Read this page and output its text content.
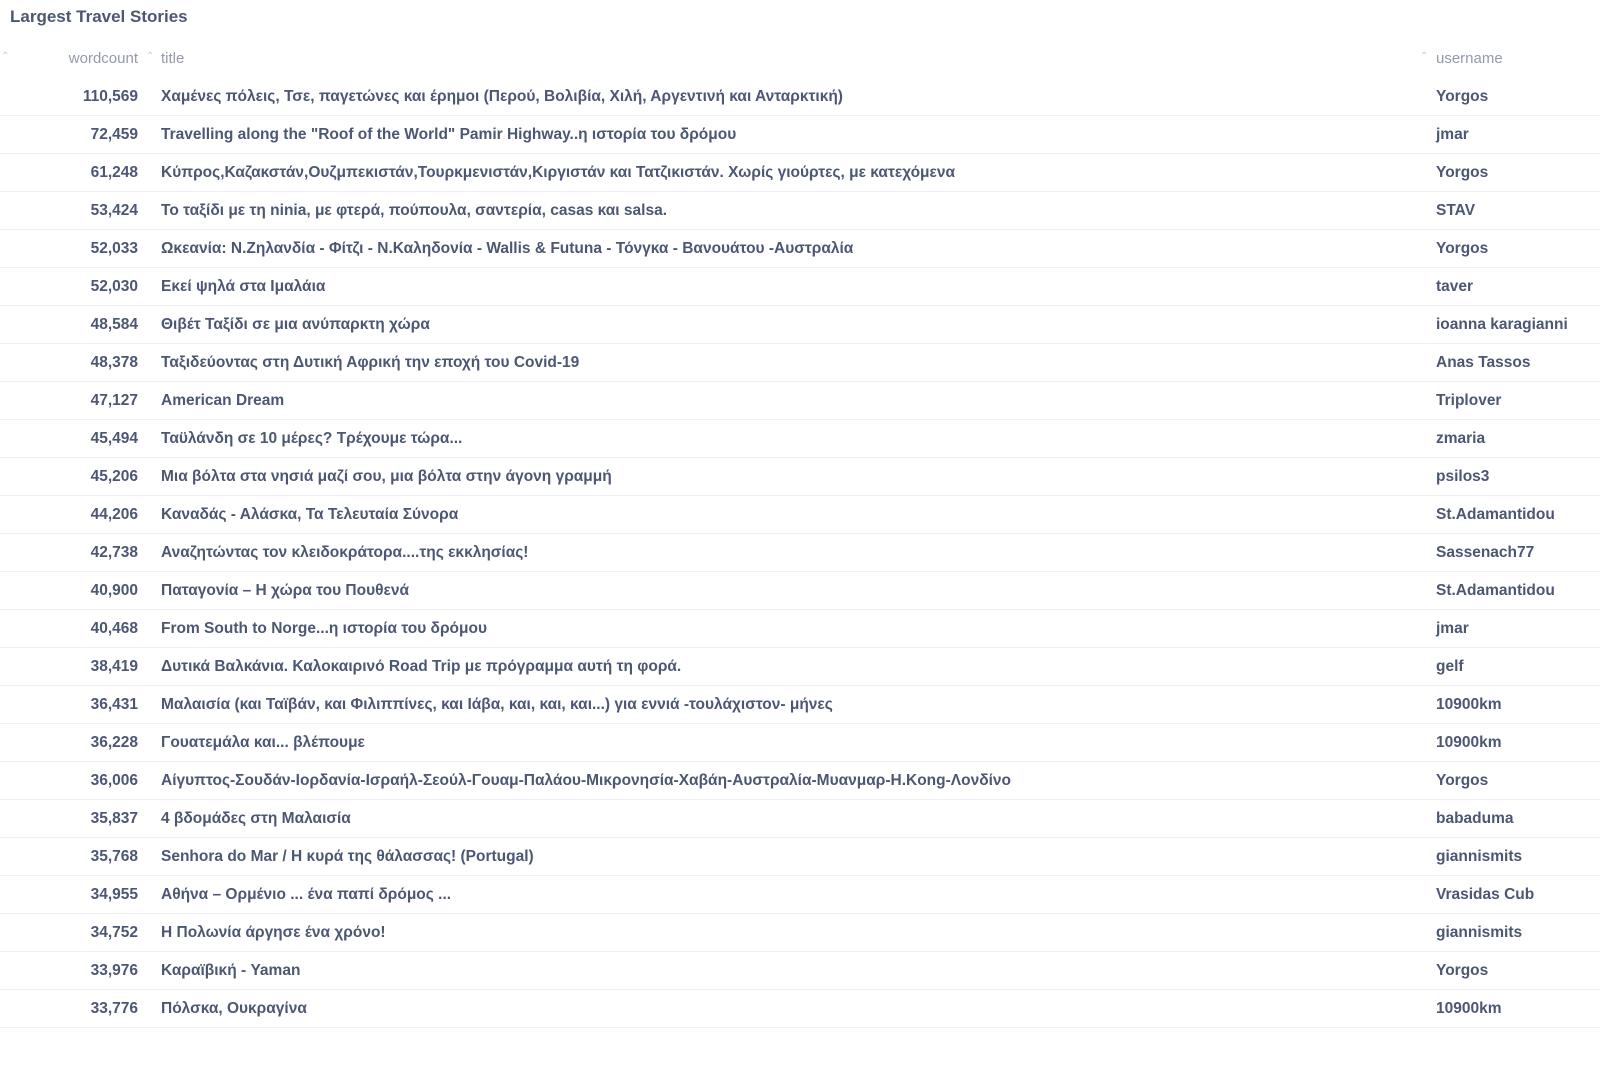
Largest Travel Stories
⌃	wordcount ⌃ title	⌃ username
110,569 Χαμένες πόλεις, Τσε, παγετώνες και έρημοι (Περού, Βολιβία, Χιλή, Αργεντινή και Ανταρκτική)	Yorgos
72,459 Travelling along the "Roof of the World" Pamir Highway..η ιστορία του δρόμου	jmar
61,248 Κύπρος,Καζακστάν,Ουζμπεκιστάν,Τουρκμενιστάν,Κιργιστάν και Τατζικιστάν. Χωρίς γιούρτες, με κατεχόμενα	Yorgos
53,424 Το ταξίδι με τη ninia, με φτερά, πούπουλα, σαντερία, casas και salsa.	STAV
52,033 Ωκεανία: Ν.Ζηλανδία - Φίτζι - Ν.Καληδονία - Wallis & Futuna - Τόνγκα - Βανουάτου -Αυστραλία	Yorgos
52,030 Εκεί ψηλά στα Ιμαλάια	taver
48,584 Θιβέτ Ταξίδι σε μια ανύπαρκτη χώρα	ioanna karagianni
48,378 Ταξιδεύοντας στη Δυτική Αφρική την εποχή του Covid-19	Anas Tassos
47,127 American Dream	Triplover
45,494 Ταϋλάνδη σε 10 μέρες? Τρέχουμε τώρα...	zmaria
45,206 Μια βόλτα στα νησιά μαζί σου, μια βόλτα στην άγονη γραμμή	psilos3
44,206 Καναδάς - Αλάσκα, Τα Τελευταία Σύνορα	St.Adamantidou
42,738 Αναζητώντας τον κλειδοκράτορα....της εκκλησίας!	Sassenach77
40,900 Παταγονία – Η χώρα του Πουθενά	St.Adamantidou
40,468 From South to Norge...η ιστορία του δρόμου	jmar
38,419 Δυτικά Βαλκάνια. Καλοκαιρινό Road Trip με πρόγραμμα αυτή τη φορά.	gelf
36,431 Μαλαισία (και Ταϊβάν, και Φιλιππίνες, και Ιάβα, και, και, και...) για εννιά -τουλάχιστον- μήνες	10900km
36,228 Γουατεμάλα και... βλέπουμε	10900km
36,006 Αίγυπτος-Σουδάν-Ιορδανία-Ισραήλ-Σεούλ-Γουαμ-Παλάου-Μικρονησία-Χαβάη-Αυστραλία-Μυανμαρ-Η.Kong-Λονδίνο	Yorgos
35,837 4 βδομάδες στη Μαλαισία	babaduma
35,768 Senhora do Mar / Η κυρά της θάλασσας! (Portugal)	giannismits
34,955 Αθήνα – Ορμένιο ... ένα παπί δρόμος ...	Vrasidas Cub
34,752 Η Πολωνία άργησε ένα χρόνο!	giannismits
33,976 Καραϊβική - Yaman	Yorgos
33,776 Πόλσκα, Ουκραγίνα	10900km
